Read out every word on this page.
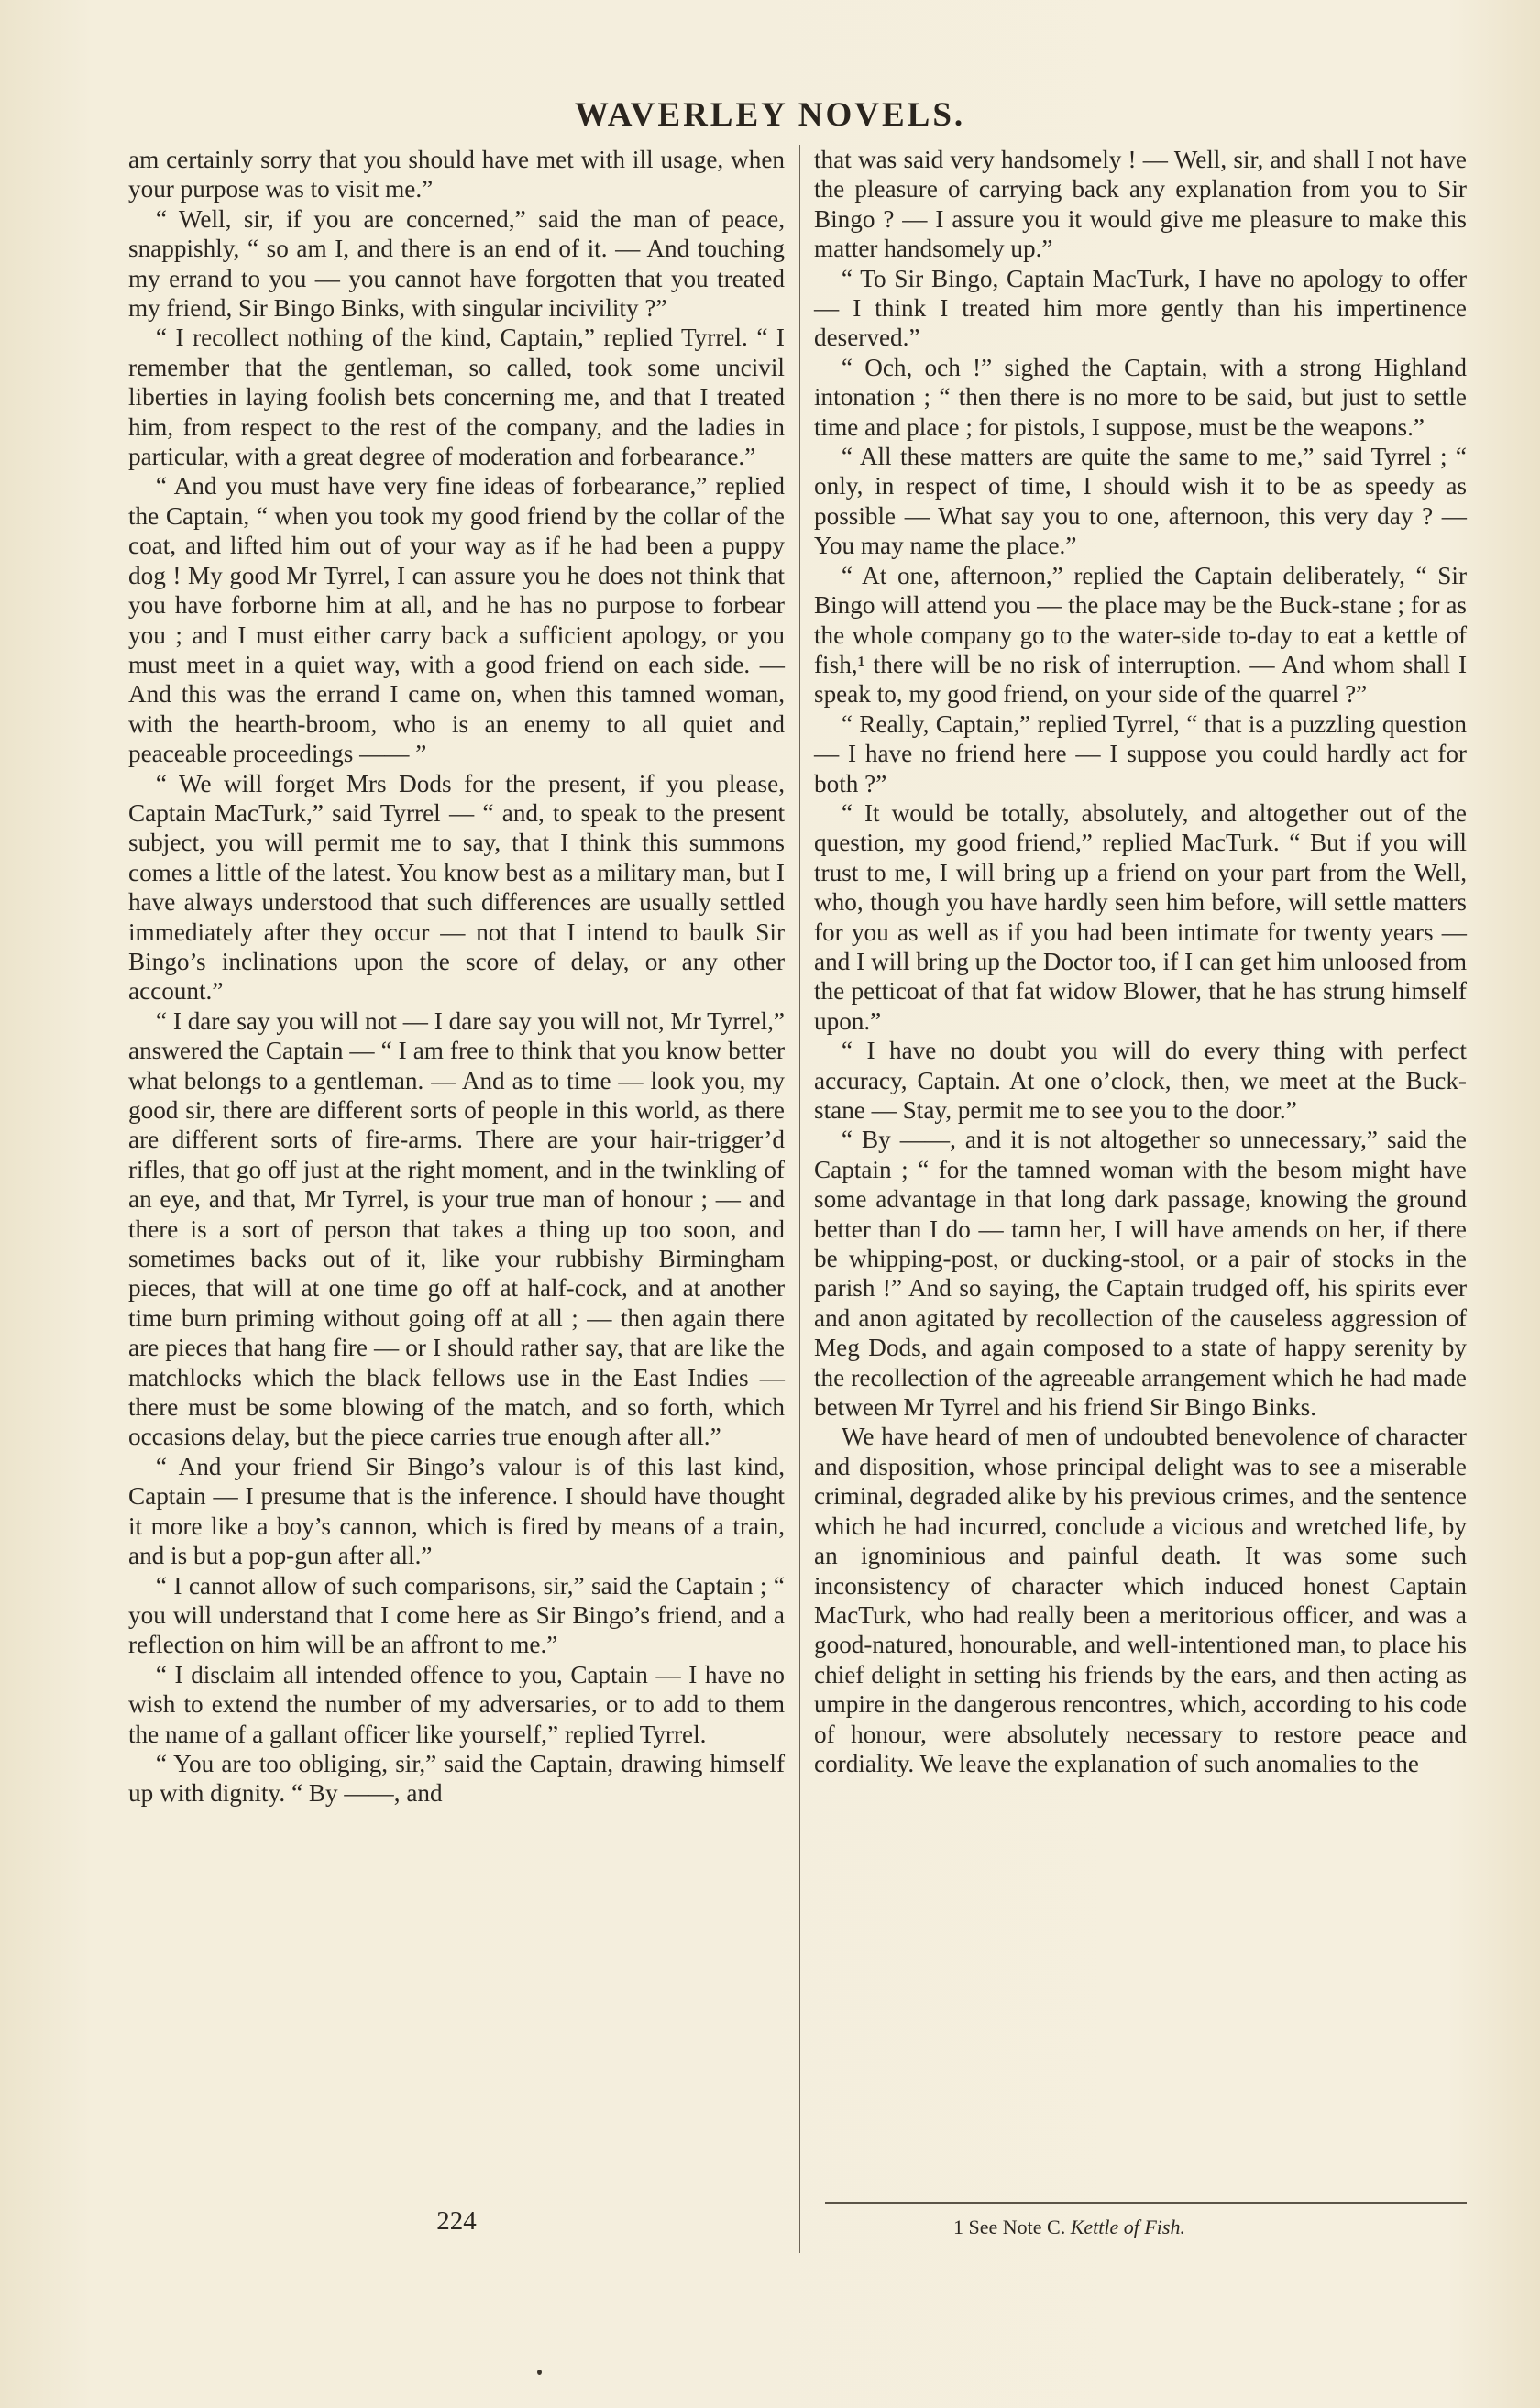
WAVERLEY NOVELS.

am certainly sorry that you should have met with ill usage, when your purpose was to visit me.”

“ Well, sir, if you are concerned,” said the man of peace, snappishly, “ so am I, and there is an end of it. — And touching my errand to you — you cannot have forgotten that you treated my friend, Sir Bingo Binks, with singular incivility ?”

“ I recollect nothing of the kind, Captain,” replied Tyrrel. “ I remember that the gentleman, so called, took some uncivil liberties in laying foolish bets concerning me, and that I treated him, from respect to the rest of the company, and the ladies in particular, with a great degree of moderation and forbearance.”

“ And you must have very fine ideas of forbearance,” replied the Captain, “ when you took my good friend by the collar of the coat, and lifted him out of your way as if he had been a puppy dog ! My good Mr Tyrrel, I can assure you he does not think that you have forborne him at all, and he has no purpose to forbear you ; and I must either carry back a sufficient apology, or you must meet in a quiet way, with a good friend on each side. — And this was the errand I came on, when this tamned woman, with the hearth-broom, who is an enemy to all quiet and peaceable proceedings —— ”

“ We will forget Mrs Dods for the present, if you please, Captain MacTurk,” said Tyrrel — “ and, to speak to the present subject, you will permit me to say, that I think this summons comes a little of the latest. You know best as a military man, but I have always understood that such differences are usually settled immediately after they occur — not that I intend to baulk Sir Bingo’s inclinations upon the score of delay, or any other account.”

“ I dare say you will not — I dare say you will not, Mr Tyrrel,” answered the Captain — “ I am free to think that you know better what belongs to a gentleman. — And as to time — look you, my good sir, there are different sorts of people in this world, as there are different sorts of fire-arms. There are your hair-trigger’d rifles, that go off just at the right moment, and in the twinkling of an eye, and that, Mr Tyrrel, is your true man of honour ; — and there is a sort of person that takes a thing up too soon, and sometimes backs out of it, like your rubbishy Birmingham pieces, that will at one time go off at half-cock, and at another time burn priming without going off at all ; — then again there are pieces that hang fire — or I should rather say, that are like the matchlocks which the black fellows use in the East Indies — there must be some blowing of the match, and so forth, which occasions delay, but the piece carries true enough after all.”

“ And your friend Sir Bingo’s valour is of this last kind, Captain — I presume that is the inference. I should have thought it more like a boy’s cannon, which is fired by means of a train, and is but a pop-gun after all.”

“ I cannot allow of such comparisons, sir,” said the Captain ; “ you will understand that I come here as Sir Bingo’s friend, and a reflection on him will be an affront to me.”

“ I disclaim all intended offence to you, Captain — I have no wish to extend the number of my adversaries, or to add to them the name of a gallant officer like yourself,” replied Tyrrel.

“ You are too obliging, sir,” said the Captain, drawing himself up with dignity. “ By ——, and

that was said very handsomely ! — Well, sir, and shall I not have the pleasure of carrying back any explanation from you to Sir Bingo ? — I assure you it would give me pleasure to make this matter handsomely up.”

“ To Sir Bingo, Captain MacTurk, I have no apology to offer — I think I treated him more gently than his impertinence deserved.”

“ Och, och !” sighed the Captain, with a strong Highland intonation ; “ then there is no more to be said, but just to settle time and place ; for pistols, I suppose, must be the weapons.”

“ All these matters are quite the same to me,” said Tyrrel ; “ only, in respect of time, I should wish it to be as speedy as possible — What say you to one, afternoon, this very day ? — You may name the place.”

“ At one, afternoon,” replied the Captain deliberately, “ Sir Bingo will attend you — the place may be the Buck-stane ; for as the whole company go to the water-side to-day to eat a kettle of fish,¹ there will be no risk of interruption. — And whom shall I speak to, my good friend, on your side of the quarrel ?”

“ Really, Captain,” replied Tyrrel, “ that is a puzzling question — I have no friend here — I suppose you could hardly act for both ?”

“ It would be totally, absolutely, and altogether out of the question, my good friend,” replied MacTurk. “ But if you will trust to me, I will bring up a friend on your part from the Well, who, though you have hardly seen him before, will settle matters for you as well as if you had been intimate for twenty years — and I will bring up the Doctor too, if I can get him unloosed from the petticoat of that fat widow Blower, that he has strung himself upon.”

“ I have no doubt you will do every thing with perfect accuracy, Captain. At one o’clock, then, we meet at the Buck-stane — Stay, permit me to see you to the door.”

“ By ——, and it is not altogether so unnecessary,” said the Captain ; “ for the tamned woman with the besom might have some advantage in that long dark passage, knowing the ground better than I do — tamn her, I will have amends on her, if there be whipping-post, or ducking-stool, or a pair of stocks in the parish !” And so saying, the Captain trudged off, his spirits ever and anon agitated by recollection of the causeless aggression of Meg Dods, and again composed to a state of happy serenity by the recollection of the agreeable arrangement which he had made between Mr Tyrrel and his friend Sir Bingo Binks.

We have heard of men of undoubted benevolence of character and disposition, whose principal delight was to see a miserable criminal, degraded alike by his previous crimes, and the sentence which he had incurred, conclude a vicious and wretched life, by an ignominious and painful death. It was some such inconsistency of character which induced honest Captain MacTurk, who had really been a meritorious officer, and was a good-natured, honourable, and well-intentioned man, to place his chief delight in setting his friends by the ears, and then acting as umpire in the dangerous rencontres, which, according to his code of honour, were absolutely necessary to restore peace and cordiality. We leave the explanation of such anomalies to the

224	1 See Note C. Kettle of Fish.
